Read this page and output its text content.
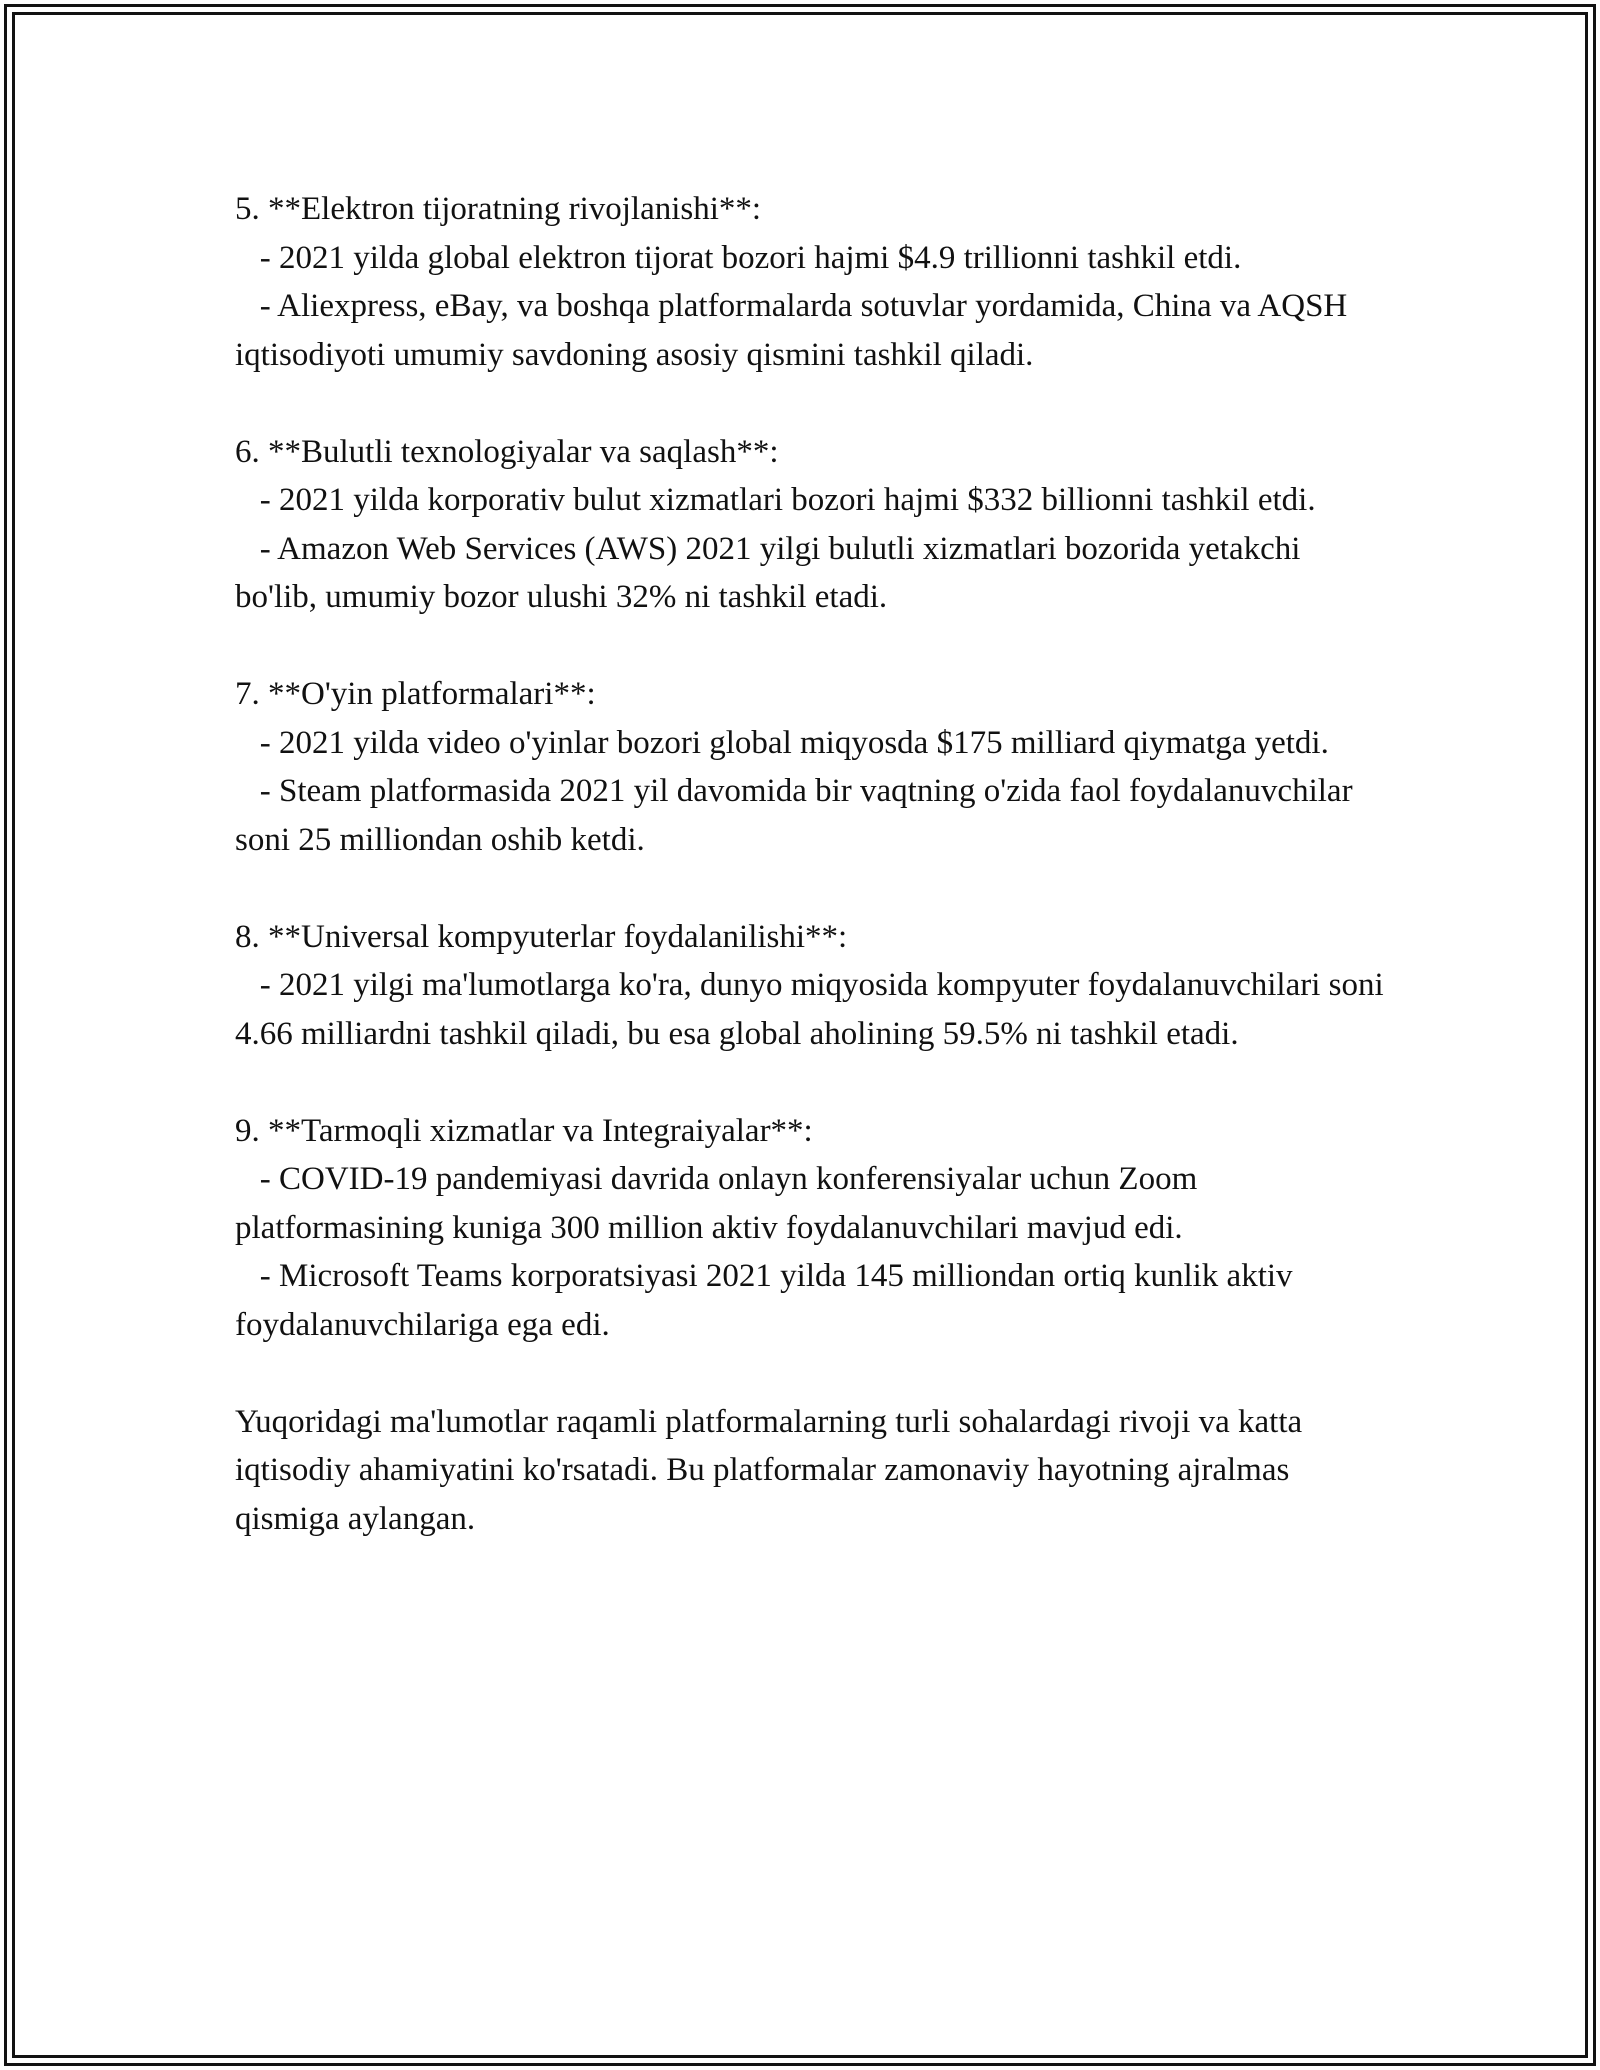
5. **Elektron tijoratning rivojlanishi**:

- 2021 yilda global elektron tijorat bozori hajmi $4.9 trillionni tashkil etdi.

- Aliexpress, eBay, va boshqa platformalarda sotuvlar yordamida, China va AQSH iqtisodiyoti umumiy savdoning asosiy qismini tashkil qiladi.

6. **Bulutli texnologiyalar va saqlash**:

- 2021 yilda korporativ bulut xizmatlari bozori hajmi $332 billionni tashkil etdi.

- Amazon Web Services (AWS) 2021 yilgi bulutli xizmatlari bozorida yetakchi bo'lib, umumiy bozor ulushi 32% ni tashkil etadi.

7. **O'yin platformalari**:

- 2021 yilda video o'yinlar bozori global miqyosda $175 milliard qiymatga yetdi.

- Steam platformasida 2021 yil davomida bir vaqtning o'zida faol foydalanuvchilar soni 25 milliondan oshib ketdi.

8. **Universal kompyuterlar foydalanilishi**:

- 2021 yilgi ma'lumotlarga ko'ra, dunyo miqyosida kompyuter foydalanuvchilari soni 4.66 milliardni tashkil qiladi, bu esa global aholining 59.5% ni tashkil etadi.

9. **Tarmoqli xizmatlar va Integraiyalar**:

- COVID-19 pandemiyasi davrida onlayn konferensiyalar uchun Zoom platformasining kuniga 300 million aktiv foydalanuvchilari mavjud edi.

- Microsoft Teams korporatsiyasi 2021 yilda 145 milliondan ortiq kunlik aktiv foydalanuvchilariga ega edi.

Yuqoridagi ma'lumotlar raqamli platformalarning turli sohalardagi rivoji va katta iqtisodiy ahamiyatini ko'rsatadi. Bu platformalar zamonaviy hayotning ajralmas qismiga aylangan.
